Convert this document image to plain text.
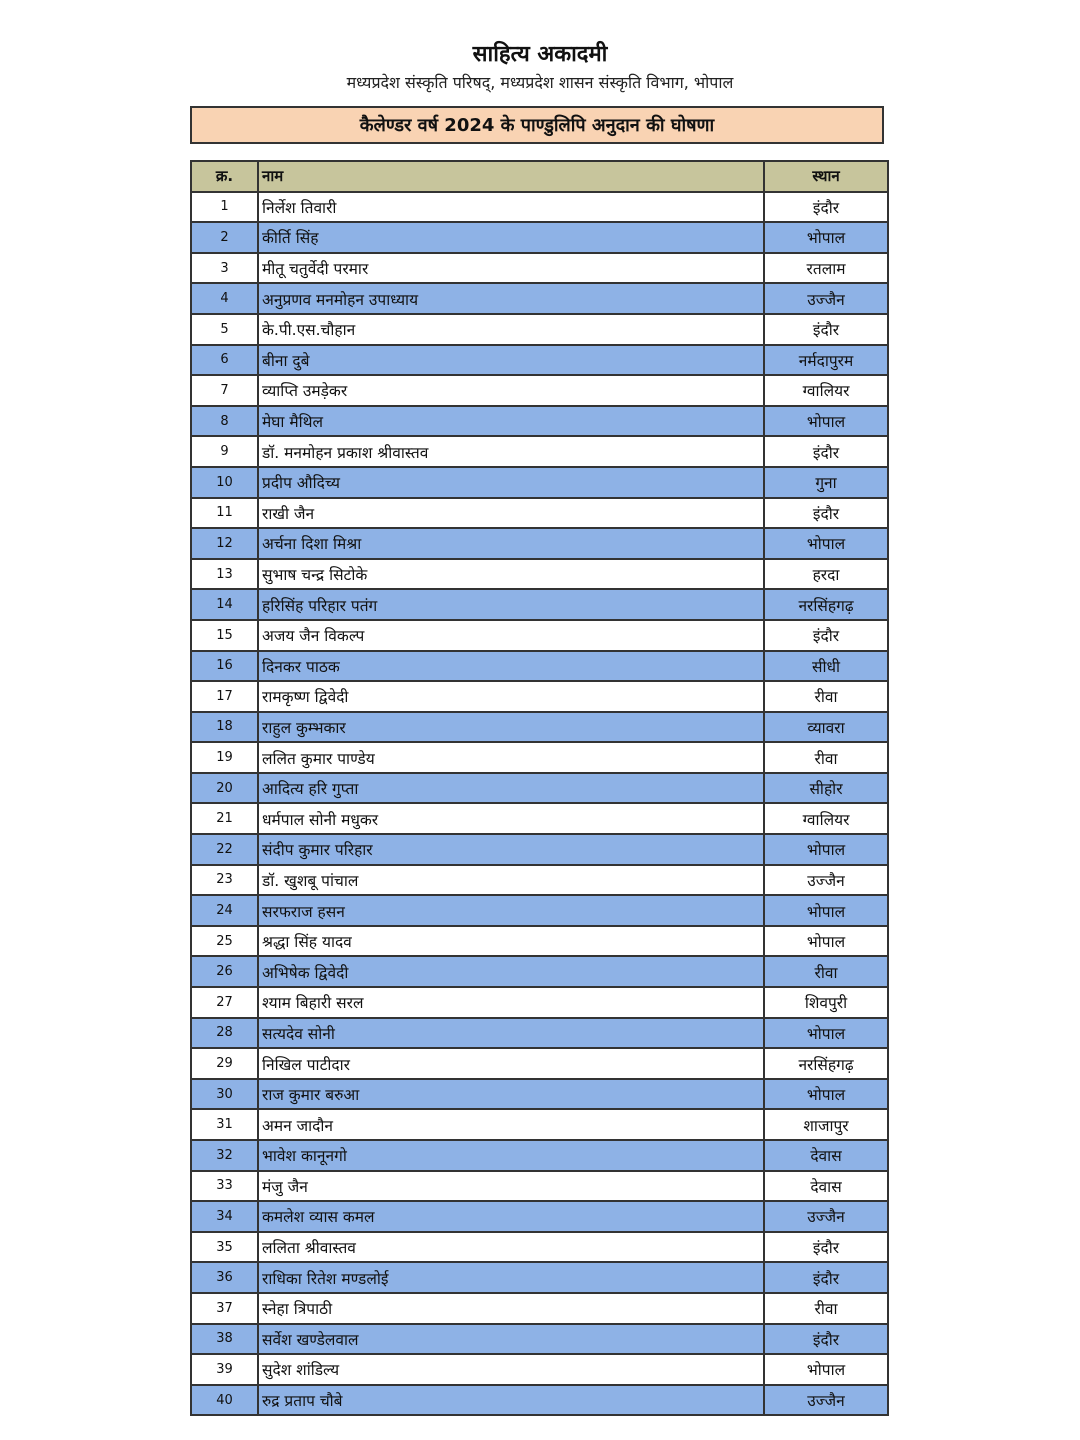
साहित्य अकादमी
मध्यप्रदेश संस्कृति परिषद्, मध्यप्रदेश शासन संस्कृति विभाग, भोपाल
कैलेण्डर वर्ष 2024 के पाण्डुलिपि अनुदान की घोषणा
क्र.	नाम	स्थान
1	निर्लेश तिवारी	इंदौर
2	कीर्ति सिंह	भोपाल
3	मीतू चतुर्वेदी परमार	रतलाम
4	अनुप्रणव मनमोहन उपाध्याय	उज्जैन
5	के.पी.एस.चौहान	इंदौर
6	बीना दुबे	नर्मदापुरम
7	व्याप्ति उमड़ेकर	ग्वालियर
8	मेघा मैथिल	भोपाल
9	डॉ. मनमोहन प्रकाश श्रीवास्तव	इंदौर
10	प्रदीप औदिच्य	गुना
11	राखी जैन	इंदौर
12	अर्चना दिशा मिश्रा	भोपाल
13	सुभाष चन्द्र सिटोके	हरदा
14	हरिसिंह परिहार पतंग	नरसिंहगढ़
15	अजय जैन विकल्प	इंदौर
16	दिनकर पाठक	सीधी
17	रामकृष्ण द्विवेदी	रीवा
18	राहुल कुम्भकार	व्यावरा
19	ललित कुमार पाण्डेय	रीवा
20	आदित्य हरि गुप्ता	सीहोर
21	धर्मपाल सोनी मधुकर	ग्वालियर
22	संदीप कुमार परिहार	भोपाल
23	डॉ. खुशबू पांचाल	उज्जैन
24	सरफराज हसन	भोपाल
25	श्रद्धा सिंह यादव	भोपाल
26	अभिषेक द्विवेदी	रीवा
27	श्याम बिहारी सरल	शिवपुरी
28	सत्यदेव सोनी	भोपाल
29	निखिल पाटीदार	नरसिंहगढ़
30	राज कुमार बरुआ	भोपाल
31	अमन जादौन	शाजापुर
32	भावेश कानूनगो	देवास
33	मंजु जैन	देवास
34	कमलेश व्यास कमल	उज्जैन
35	ललिता श्रीवास्तव	इंदौर
36	राधिका रितेश मण्डलोई	इंदौर
37	स्नेहा त्रिपाठी	रीवा
38	सर्वेश खण्डेलवाल	इंदौर
39	सुदेश शांडिल्य	भोपाल
40	रुद्र प्रताप चौबे	उज्जैन
